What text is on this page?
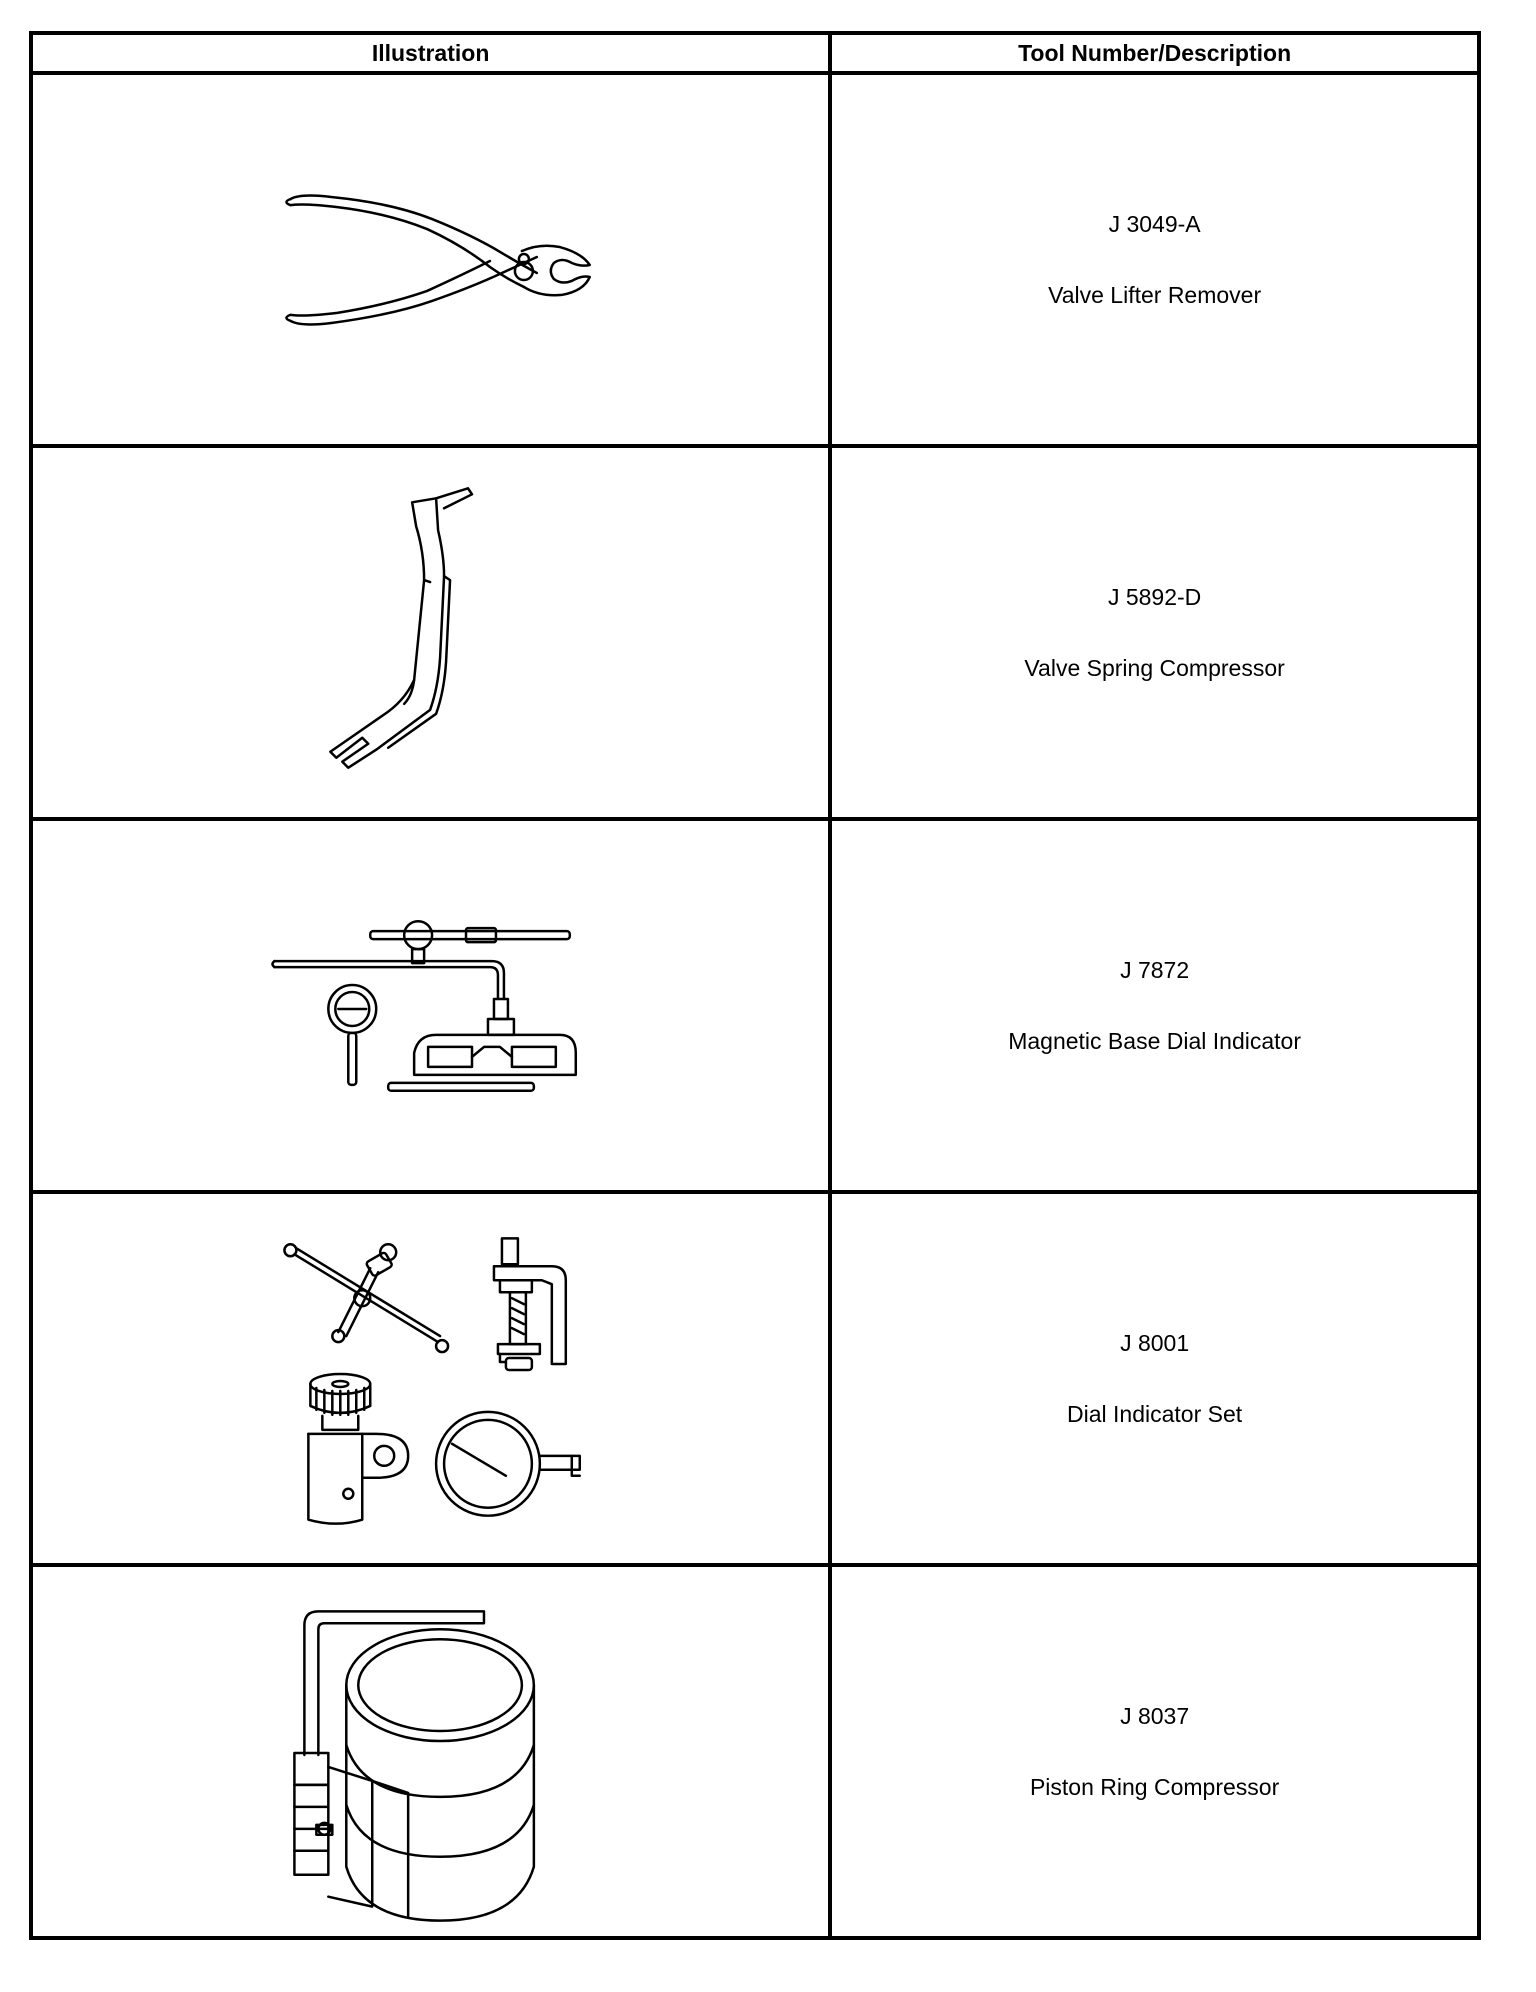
Illustration	Tool Number/Description

J 3049-A
Valve Lifter Remover

J 5892-D
Valve Spring Compressor

J 7872
Magnetic Base Dial Indicator

J 8001
Dial Indicator Set

J 8037
Piston Ring Compressor
